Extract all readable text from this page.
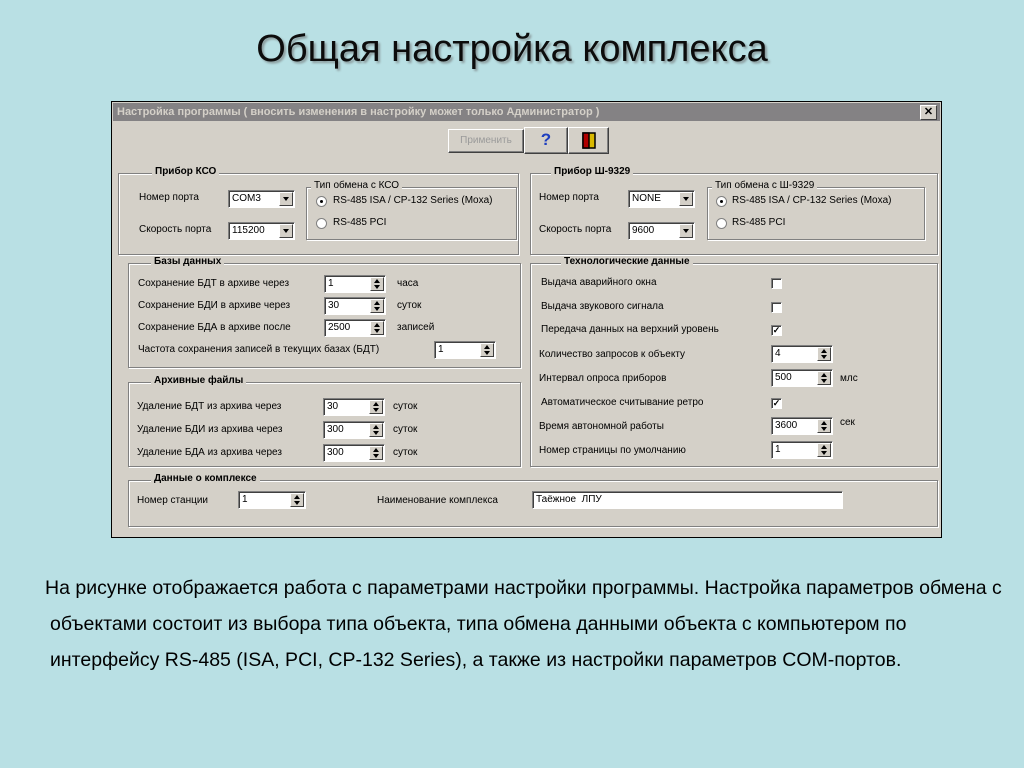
Общая настройка комплекса
Настройка программы ( вносить изменения в настройку может только Администратор )	✕
Применить	?
Прибор КСО
Номер порта	COM3
Скорость порта	115200
Тип обмена с КСО
RS-485 ISA / CP-132 Series (Moxa)
RS-485 PCI
Прибор Ш-9329
Номер порта	NONE
Скорость порта	9600
Тип обмена с Ш-9329
RS-485 ISA / CP-132 Series (Moxa)
RS-485 PCI
Базы данных
Сохранение БДТ в архиве через	1	часа
Сохранение БДИ в архиве через	30	суток
Сохранение БДА в архиве после	2500	записей
Частота сохранения записей в текущих базах (БДТ)	1
Архивные файлы
Удаление БДТ из архива через	30	суток
Удаление БДИ из архива через	300	суток
Удаление БДА из архива через	300	суток
Технологические данные
Выдача аварийного окна
Выдача звукового сигнала
Передача данных на верхний уровень	✓
Количество запросов к объекту	4
Интервал опроса приборов	500	млс
Автоматическое считывание ретро	✓
Время автономной работы	3600	сек
Номер страницы по умолчанию	1
Данные о комплексе
Номер станции	1	Наименование комплекса	Таёжное  ЛПУ

На рисунке отображается работа с параметрами настройки программы. Настройка параметров обмена с объектами состоит из выбора типа объекта, типа обмена данными объекта с компьютером по интерфейсу RS-485 (ISA, PCI, CP-132 Series), а также из настройки параметров COM-портов.
